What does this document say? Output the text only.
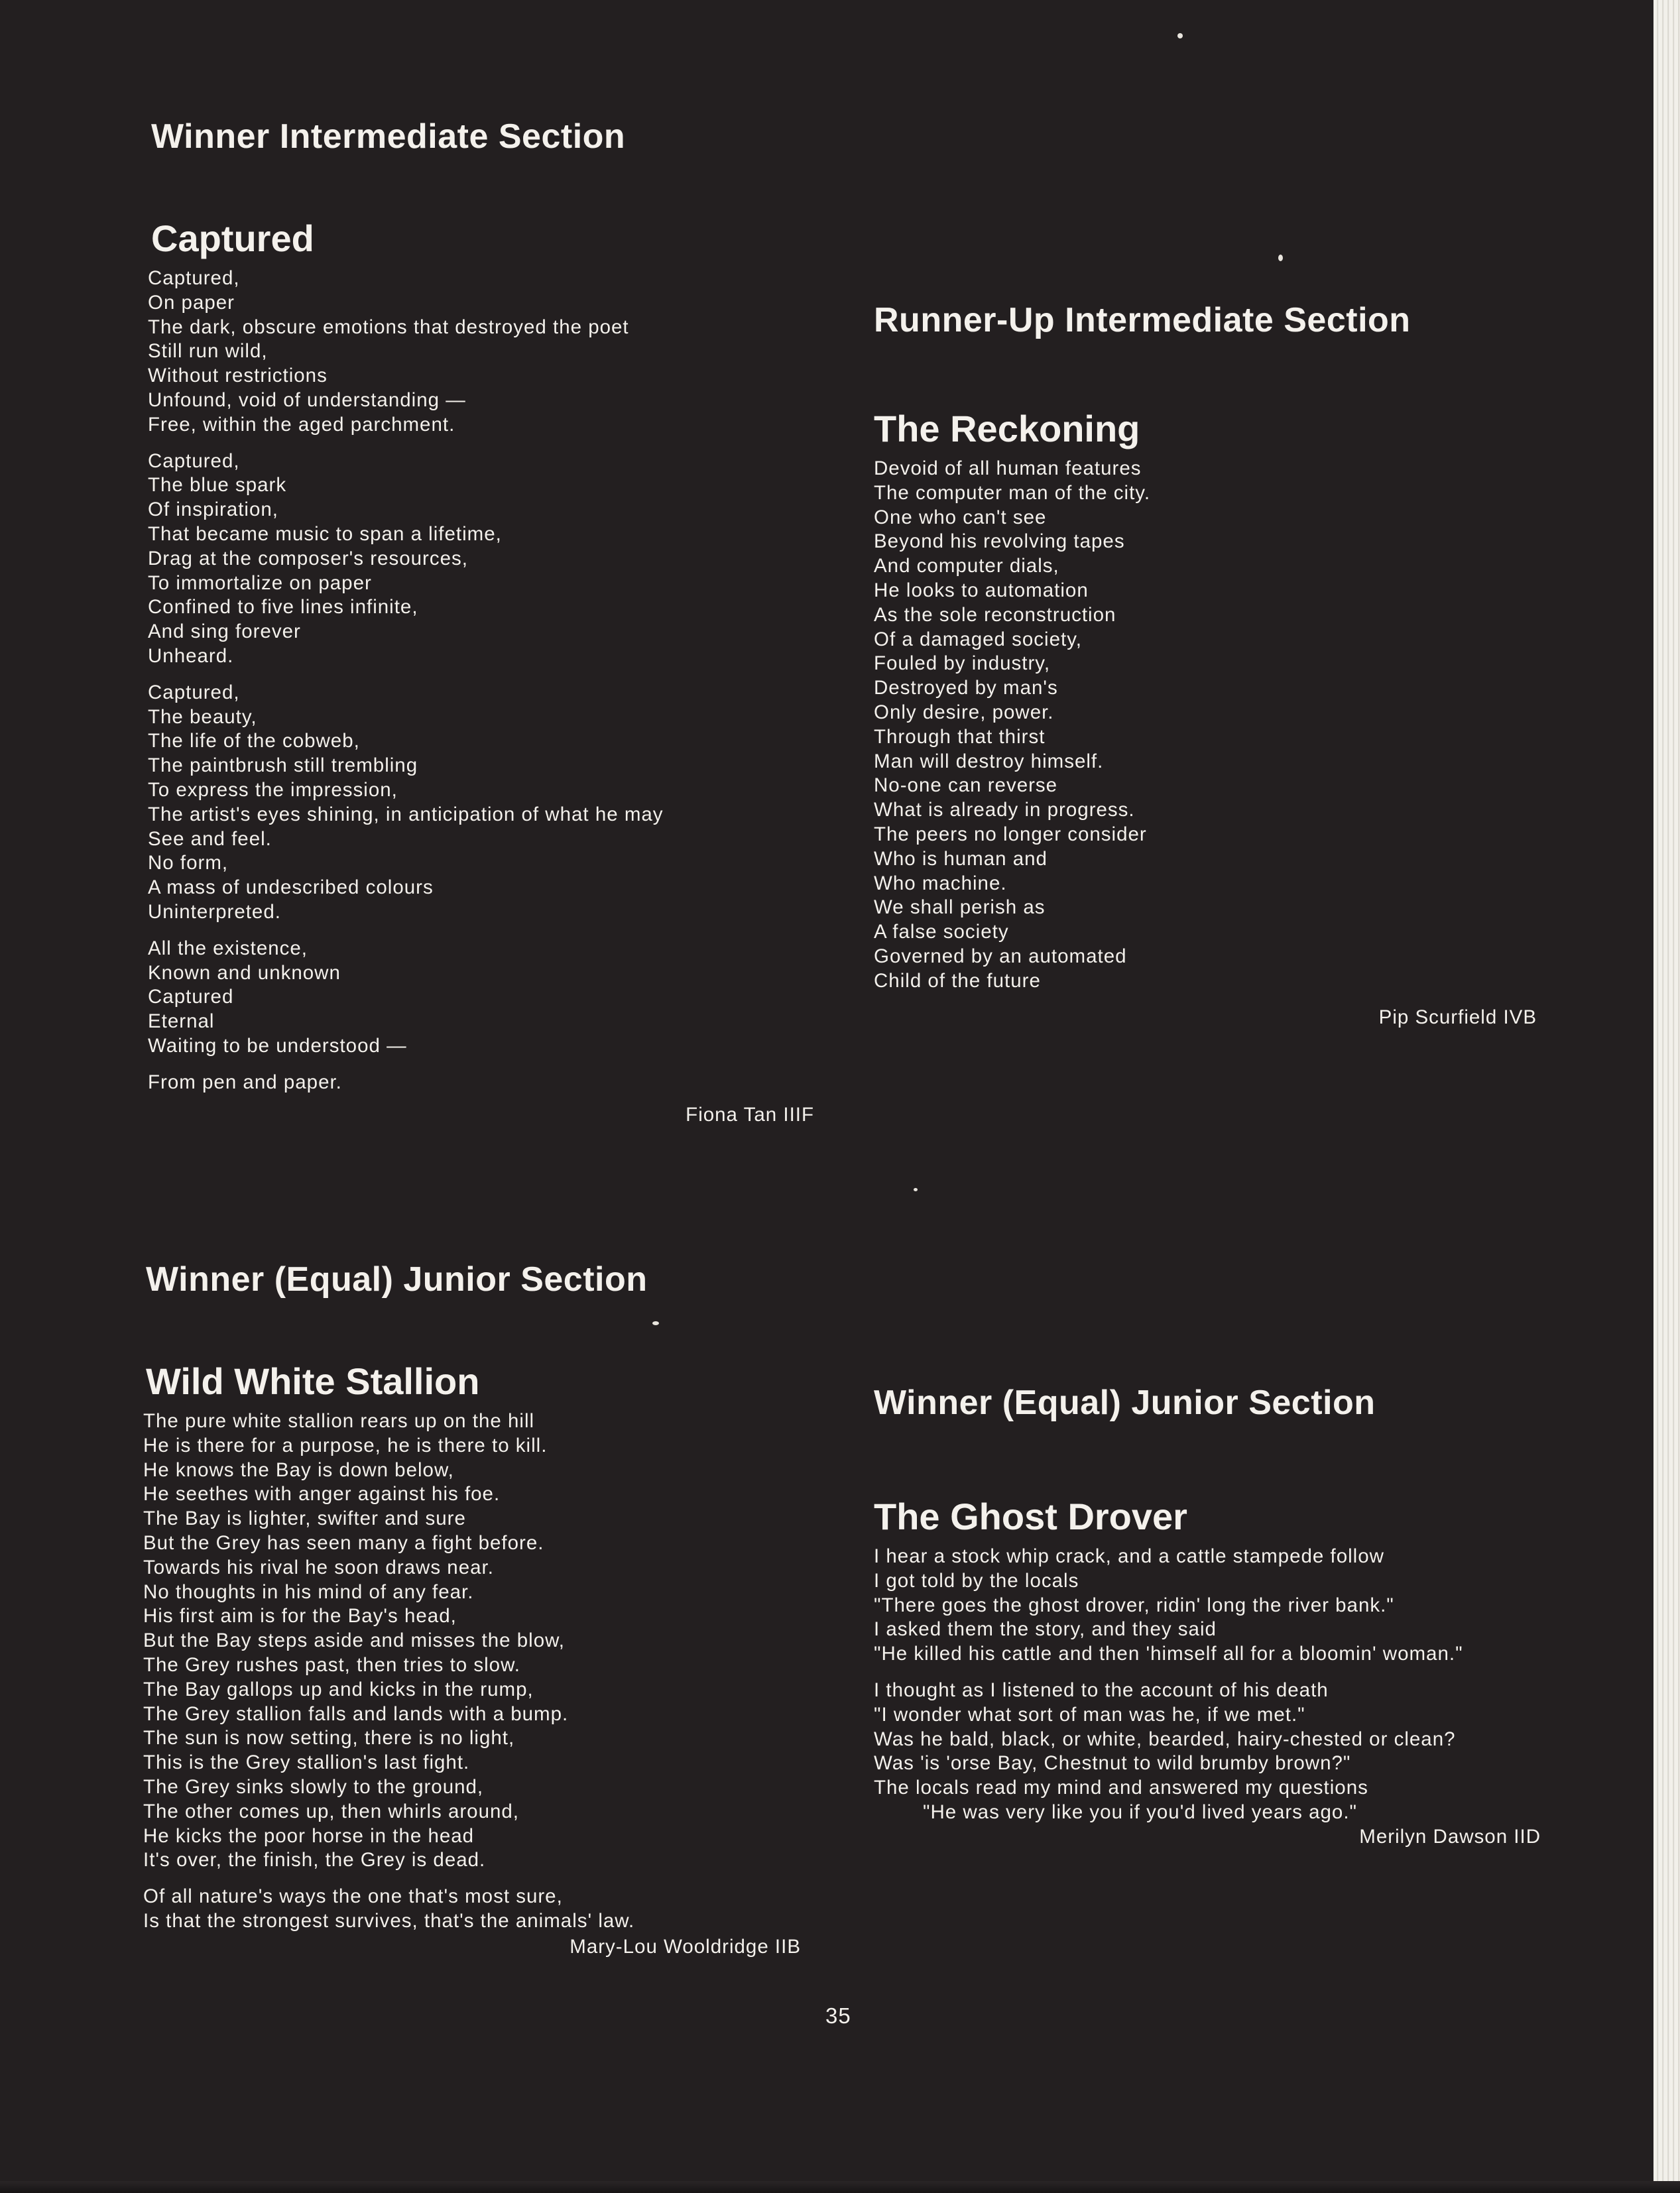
Winner Intermediate Section
Captured
Captured,
On paper
The dark, obscure emotions that destroyed the poet
Still run wild,
Without restrictions
Unfound, void of understanding —
Free, within the aged parchment.
Captured,
The blue spark
Of inspiration,
That became music to span a lifetime,
Drag at the composer's resources,
To immortalize on paper
Confined to five lines infinite,
And sing forever
Unheard.
Captured,
The beauty,
The life of the cobweb,
The paintbrush still trembling
To express the impression,
The artist's eyes shining, in anticipation of what he may
See and feel.
No form,
A mass of undescribed colours
Uninterpreted.
All the existence,
Known and unknown
Captured
Eternal
Waiting to be understood —
From pen and paper.
Fiona Tan IIIF
Runner-Up Intermediate Section
The Reckoning
Devoid of all human features
The computer man of the city.
One who can't see
Beyond his revolving tapes
And computer dials,
He looks to automation
As the sole reconstruction
Of a damaged society,
Fouled by industry,
Destroyed by man's
Only desire, power.
Through that thirst
Man will destroy himself.
No-one can reverse
What is already in progress.
The peers no longer consider
Who is human and
Who machine.
We shall perish as
A false society
Governed by an automated
Child of the future
Pip Scurfield IVB
Winner (Equal) Junior Section
Wild White Stallion
The pure white stallion rears up on the hill
He is there for a purpose, he is there to kill.
He knows the Bay is down below,
He seethes with anger against his foe.
The Bay is lighter, swifter and sure
But the Grey has seen many a fight before.
Towards his rival he soon draws near.
No thoughts in his mind of any fear.
His first aim is for the Bay's head,
But the Bay steps aside and misses the blow,
The Grey rushes past, then tries to slow.
The Bay gallops up and kicks in the rump,
The Grey stallion falls and lands with a bump.
The sun is now setting, there is no light,
This is the Grey stallion's last fight.
The Grey sinks slowly to the ground,
The other comes up, then whirls around,
He kicks the poor horse in the head
It's over, the finish, the Grey is dead.
Of all nature's ways the one that's most sure,
Is that the strongest survives, that's the animals' law.
Mary-Lou Wooldridge IIB
Winner (Equal) Junior Section
The Ghost Drover
I hear a stock whip crack, and a cattle stampede follow
I got told by the locals
"There goes the ghost drover, ridin' long the river bank."
I asked them the story, and they said
"He killed his cattle and then 'himself all for a bloomin' woman."
I thought as I listened to the account of his death
"I wonder what sort of man was he, if we met."
Was he bald, black, or white, bearded, hairy-chested or clean?
Was 'is 'orse Bay, Chestnut to wild brumby brown?"
The locals read my mind and answered my questions
"He was very like you if you'd lived years ago."
Merilyn Dawson IID
35
